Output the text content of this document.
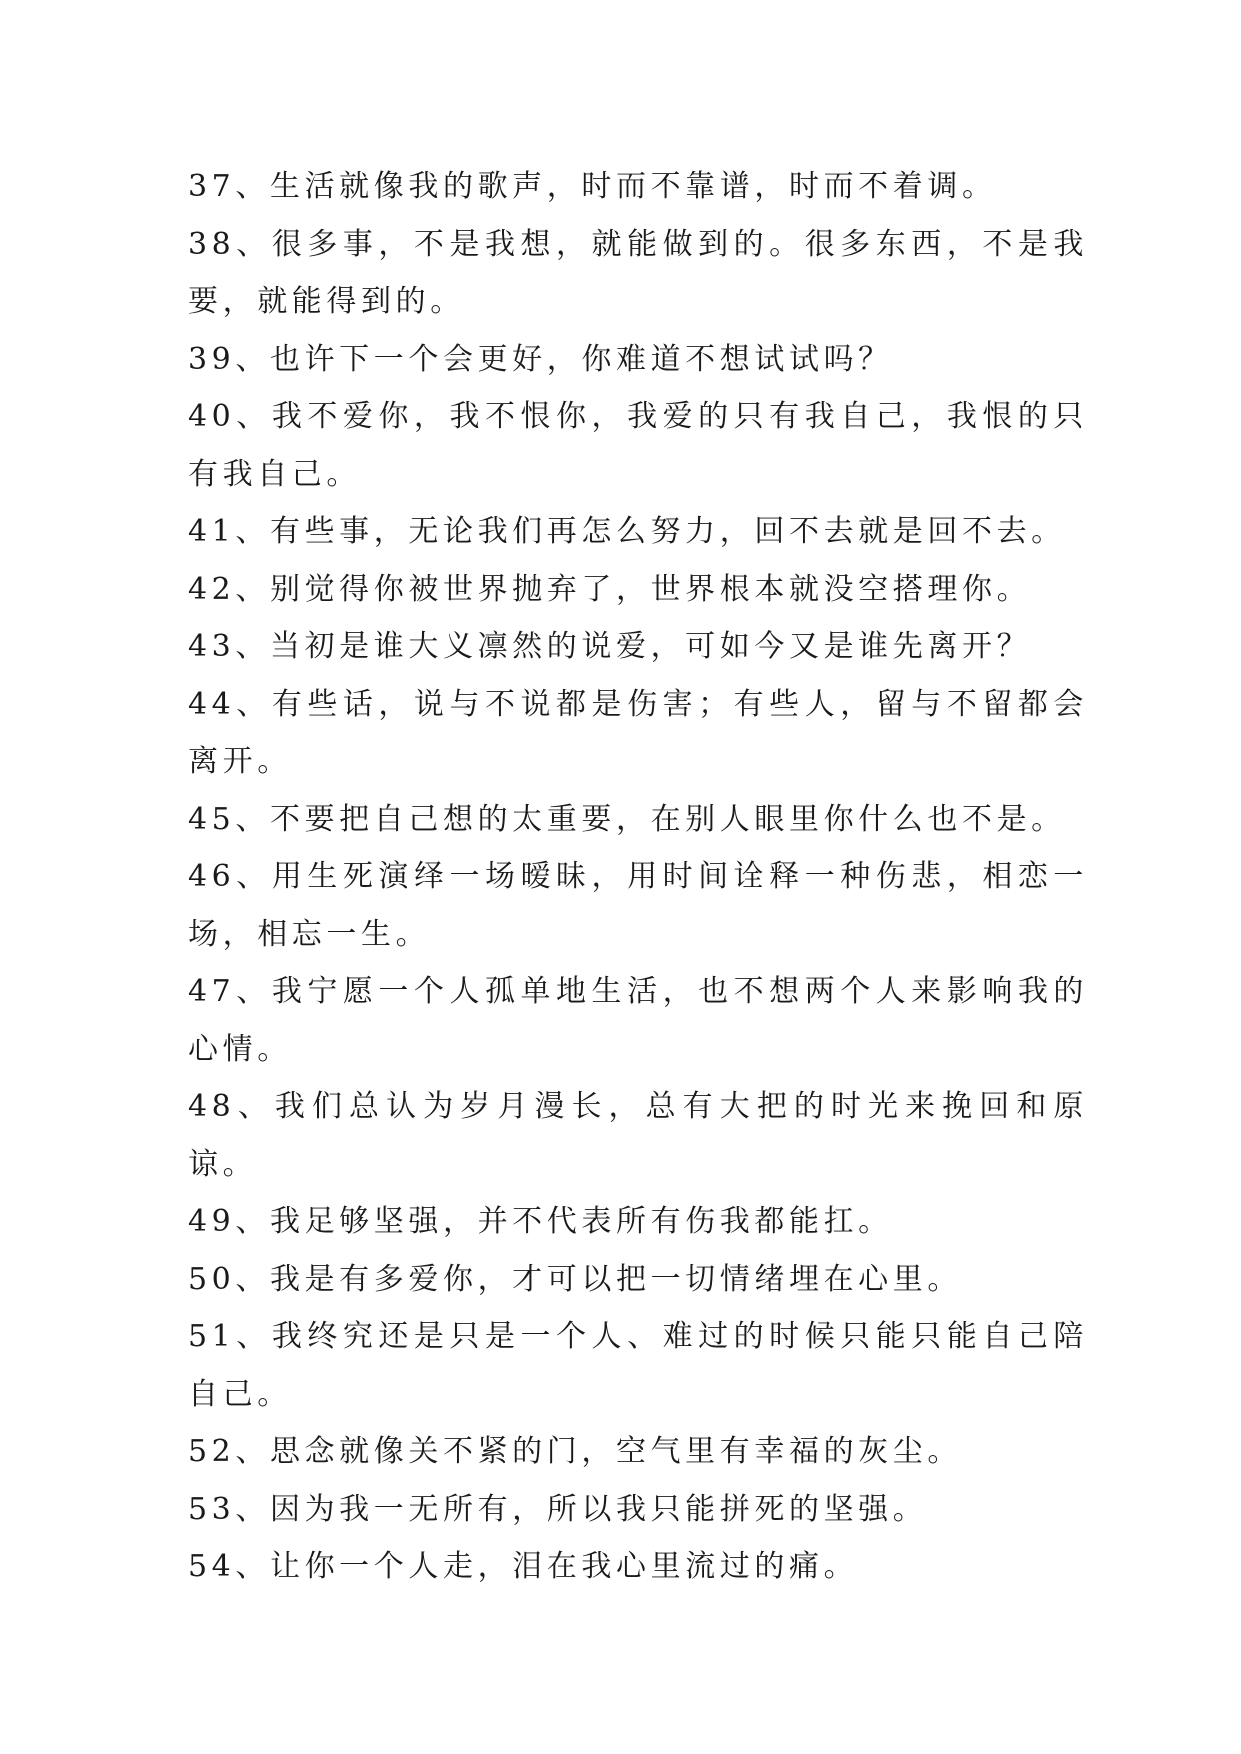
37、生活就像我的歌声，时而不靠谱，时而不着调。
38、很多事，不是我想，就能做到的。很多东西，不是我要，就能得到的。
39、也许下一个会更好，你难道不想试试吗？
40、我不爱你，我不恨你，我爱的只有我自己，我恨的只有我自己。
41、有些事，无论我们再怎么努力，回不去就是回不去。
42、别觉得你被世界抛弃了，世界根本就没空搭理你。
43、当初是谁大义凛然的说爱，可如今又是谁先离开？
44、有些话，说与不说都是伤害；有些人，留与不留都会离开。
45、不要把自己想的太重要，在别人眼里你什么也不是。
46、用生死演绎一场暧昧，用时间诠释一种伤悲，相恋一场，相忘一生。
47、我宁愿一个人孤单地生活，也不想两个人来影响我的心情。
48、我们总认为岁月漫长，总有大把的时光来挽回和原谅。
49、我足够坚强，并不代表所有伤我都能扛。
50、我是有多爱你，才可以把一切情绪埋在心里。
51、我终究还是只是一个人、难过的时候只能只能自己陪自己。
52、思念就像关不紧的门，空气里有幸福的灰尘。
53、因为我一无所有，所以我只能拼死的坚强。
54、让你一个人走，泪在我心里流过的痛。
